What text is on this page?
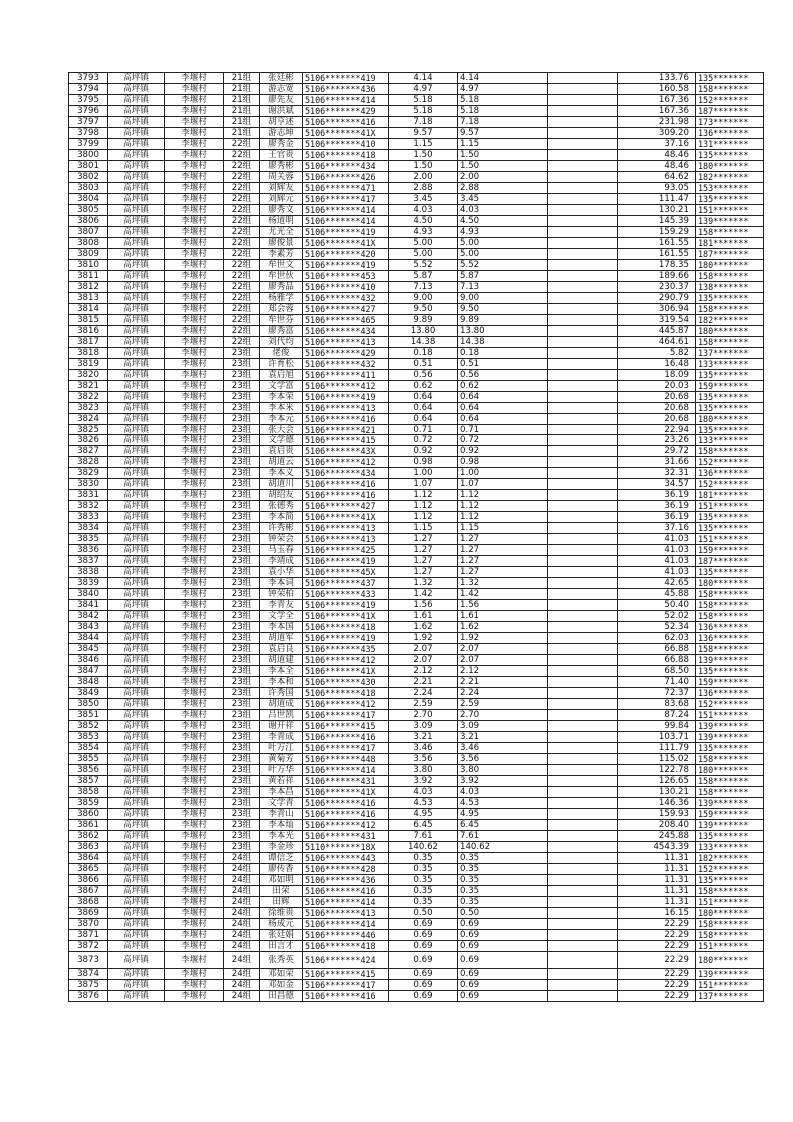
3793	高坪镇	李堰村	21组	张廷彬	5106*******419	4.14	4.14		133.76	135*******
3794	高坪镇	李堰村	21组	游志宽	5106*******436	4.97	4.97		160.58	158*******
3795	高坪镇	李堰村	21组	廖先友	5106*******414	5.18	5.18		167.36	152*******
3796	高坪镇	李堰村	21组	谢洪斌	5106*******429	5.18	5.18		167.36	187*******
3797	高坪镇	李堰村	21组	胡亨述	5106*******416	7.18	7.18		231.98	173*******
3798	高坪镇	李堰村	21组	游志坤	5106*******41X	9.57	9.57		309.20	136*******
3799	高坪镇	李堰村	22组	廖秀金	5106*******410	1.15	1.15		37.16	131*******
3800	高坪镇	李堰村	22组	王官贵	5106*******418	1.50	1.50		48.46	135*******
3801	高坪镇	李堰村	22组	廖秀彬	5106*******434	1.50	1.50		48.46	180*******
3802	高坪镇	李堰村	22组	周关蓉	5106*******426	2.00	2.00		64.62	182*******
3803	高坪镇	李堰村	22组	刘辉友	5106*******471	2.88	2.88		93.05	153*******
3804	高坪镇	李堰村	22组	刘辉元	5106*******417	3.45	3.45		111.47	135*******
3805	高坪镇	李堰村	22组	廖秀文	5106*******414	4.03	4.03		130.21	151*******
3806	高坪镇	李堰村	22组	杨道明	5106*******414	4.50	4.50		145.39	139*******
3807	高坪镇	李堰村	22组	尤光全	5106*******419	4.93	4.93		159.29	158*******
3808	高坪镇	李堰村	22组	廖俊景	5106*******41X	5.00	5.00		161.55	181*******
3809	高坪镇	李堰村	22组	李素芳	5106*******420	5.00	5.00		161.55	187*******
3810	高坪镇	李堰村	22组	牟世文	5106*******419	5.52	5.52		178.35	180*******
3811	高坪镇	李堰村	22组	牟世伙	5106*******453	5.87	5.87		189.66	158*******
3812	高坪镇	李堰村	22组	廖秀品	5106*******410	7.13	7.13		230.37	138*******
3813	高坪镇	李堰村	22组	杨雅学	5106*******432	9.00	9.00		290.79	135*******
3814	高坪镇	李堰村	22组	郑会蓉	5106*******427	9.50	9.50		306.94	158*******
3815	高坪镇	李堰村	22组	牟世芬	5106*******465	9.89	9.89		319.54	182*******
3816	高坪镇	李堰村	22组	廖秀富	5106*******434	13.80	13.80		445.87	180*******
3817	高坪镇	李堰村	22组	刘代均	5106*******413	14.38	14.38		464.61	158*******
3818	高坪镇	李堰村	23组	佬俊	5106*******429	0.18	0.18		5.82	137*******
3819	高坪镇	李堰村	23组	许育松	5106*******432	0.51	0.51		16.48	133*******
3820	高坪镇	李堰村	23组	袁启旭	5106*******411	0.56	0.56		18.09	135*******
3821	高坪镇	李堰村	23组	文学富	5106*******412	0.62	0.62		20.03	159*******
3822	高坪镇	李堰村	23组	李本荣	5106*******419	0.64	0.64		20.68	135*******
3823	高坪镇	李堰村	23组	李本米	5106*******413	0.64	0.64		20.68	135*******
3824	高坪镇	李堰村	23组	李本元	5106*******416	0.64	0.64		20.68	180*******
3825	高坪镇	李堰村	23组	张大会	5106*******421	0.71	0.71		22.94	135*******
3826	高坪镇	李堰村	23组	文学德	5106*******415	0.72	0.72		23.26	133*******
3827	高坪镇	李堰村	23组	袁启贵	5106*******43X	0.92	0.92		29.72	158*******
3828	高坪镇	李堰村	23组	胡道云	5106*******412	0.98	0.98		31.66	152*******
3829	高坪镇	李堰村	23组	李本义	5106*******434	1.00	1.00		32.31	136*******
3830	高坪镇	李堰村	23组	胡道川	5106*******416	1.07	1.07		34.57	152*******
3831	高坪镇	李堰村	23组	胡绍友	5106*******416	1.12	1.12		36.19	181*******
3832	高坪镇	李堰村	23组	张德秀	5106*******427	1.12	1.12		36.19	151*******
3833	高坪镇	李堰村	23组	李本简	5106*******41X	1.12	1.12		36.19	135*******
3834	高坪镇	李堰村	23组	许秀彬	5106*******413	1.15	1.15		37.16	135*******
3835	高坪镇	李堰村	23组	钟荣会	5106*******413	1.27	1.27		41.03	151*******
3836	高坪镇	李堰村	23组	马玉春	5106*******425	1.27	1.27		41.03	159*******
3837	高坪镇	李堰村	23组	李靖成	5106*******419	1.27	1.27		41.03	187*******
3838	高坪镇	李堰村	23组	袁小华	5106*******45X	1.27	1.27		41.03	135*******
3839	高坪镇	李堰村	23组	李本词	5106*******437	1.32	1.32		42.65	180*******
3840	高坪镇	李堰村	23组	钟荣柏	5106*******433	1.42	1.42		45.88	158*******
3841	高坪镇	李堰村	23组	李青友	5106*******419	1.56	1.56		50.40	158*******
3842	高坪镇	李堰村	23组	文学全	5106*******41X	1.61	1.61		52.02	158*******
3843	高坪镇	李堰村	23组	李本国	5106*******418	1.62	1.62		52.34	136*******
3844	高坪镇	李堰村	23组	胡道军	5106*******419	1.92	1.92		62.03	136*******
3845	高坪镇	李堰村	23组	袁启良	5106*******435	2.07	2.07		66.88	158*******
3846	高坪镇	李堰村	23组	胡道建	5106*******412	2.07	2.07		66.88	139*******
3847	高坪镇	李堰村	23组	李本全	5106*******41X	2.12	2.12		68.50	135*******
3848	高坪镇	李堰村	23组	李本和	5106*******430	2.21	2.21		71.40	159*******
3849	高坪镇	李堰村	23组	许秀国	5106*******418	2.24	2.24		72.37	136*******
3850	高坪镇	李堰村	23组	胡道成	5106*******412	2.59	2.59		83.68	152*******
3851	高坪镇	李堰村	23组	吕世凯	5106*******417	2.70	2.70		87.24	151*******
3852	高坪镇	李堰村	23组	谢开祥	5106*******415	3.09	3.09		99.84	139*******
3853	高坪镇	李堰村	23组	李青成	5106*******416	3.21	3.21		103.71	139*******
3854	高坪镇	李堰村	23组	叶万江	5106*******417	3.46	3.46		111.79	135*******
3855	高坪镇	李堰村	23组	黄菊芳	5106*******448	3.56	3.56		115.02	158*******
3856	高坪镇	李堰村	23组	叶万华	5106*******414	3.80	3.80		122.78	180*******
3857	高坪镇	李堰村	23组	黄若祥	5106*******431	3.92	3.92		126.65	158*******
3858	高坪镇	李堰村	23组	李本昌	5106*******41X	4.03	4.03		130.21	158*******
3859	高坪镇	李堰村	23组	文学青	5106*******416	4.53	4.53		146.36	139*******
3860	高坪镇	李堰村	23组	李青山	5106*******416	4.95	4.95		159.93	159*******
3861	高坪镇	李堰村	23组	李本灿	5106*******412	6.45	6.45		208.40	139*******
3862	高坪镇	李堰村	23组	李本光	5106*******431	7.61	7.61		245.88	135*******
3863	高坪镇	李堰村	23组	李金珍	5110*******18X	140.62	140.62		4543.39	133*******
3864	高坪镇	李堰村	24组	谭信芝	5106*******443	0.35	0.35		11.31	182*******
3865	高坪镇	李堰村	24组	廖传香	5106*******428	0.35	0.35		11.31	152*******
3866	高坪镇	李堰村	24组	邓如明	5106*******436	0.35	0.35		11.31	135*******
3867	高坪镇	李堰村	24组	田荣	5106*******416	0.35	0.35		11.31	158*******
3868	高坪镇	李堰村	24组	田辉	5106*******414	0.35	0.35		11.31	151*******
3869	高坪镇	李堰村	24组	徐维贵	5106*******413	0.50	0.50		16.15	180*******
3870	高坪镇	李堰村	24组	杨成元	5106*******414	0.69	0.69		22.29	158*******
3871	高坪镇	李堰村	24组	张廷娟	5106*******446	0.69	0.69		22.29	158*******
3872	高坪镇	李堰村	24组	田言才	5106*******418	0.69	0.69		22.29	151*******
3873	高坪镇	李堰村	24组	张秀英	5106*******424	0.69	0.69		22.29	180*******
3874	高坪镇	李堰村	24组	邓如荣	5106*******415	0.69	0.69		22.29	139*******
3875	高坪镇	李堰村	24组	邓如金	5106*******417	0.69	0.69		22.29	151*******
3876	高坪镇	李堰村	24组	田昌德	5106*******416	0.69	0.69		22.29	137*******
